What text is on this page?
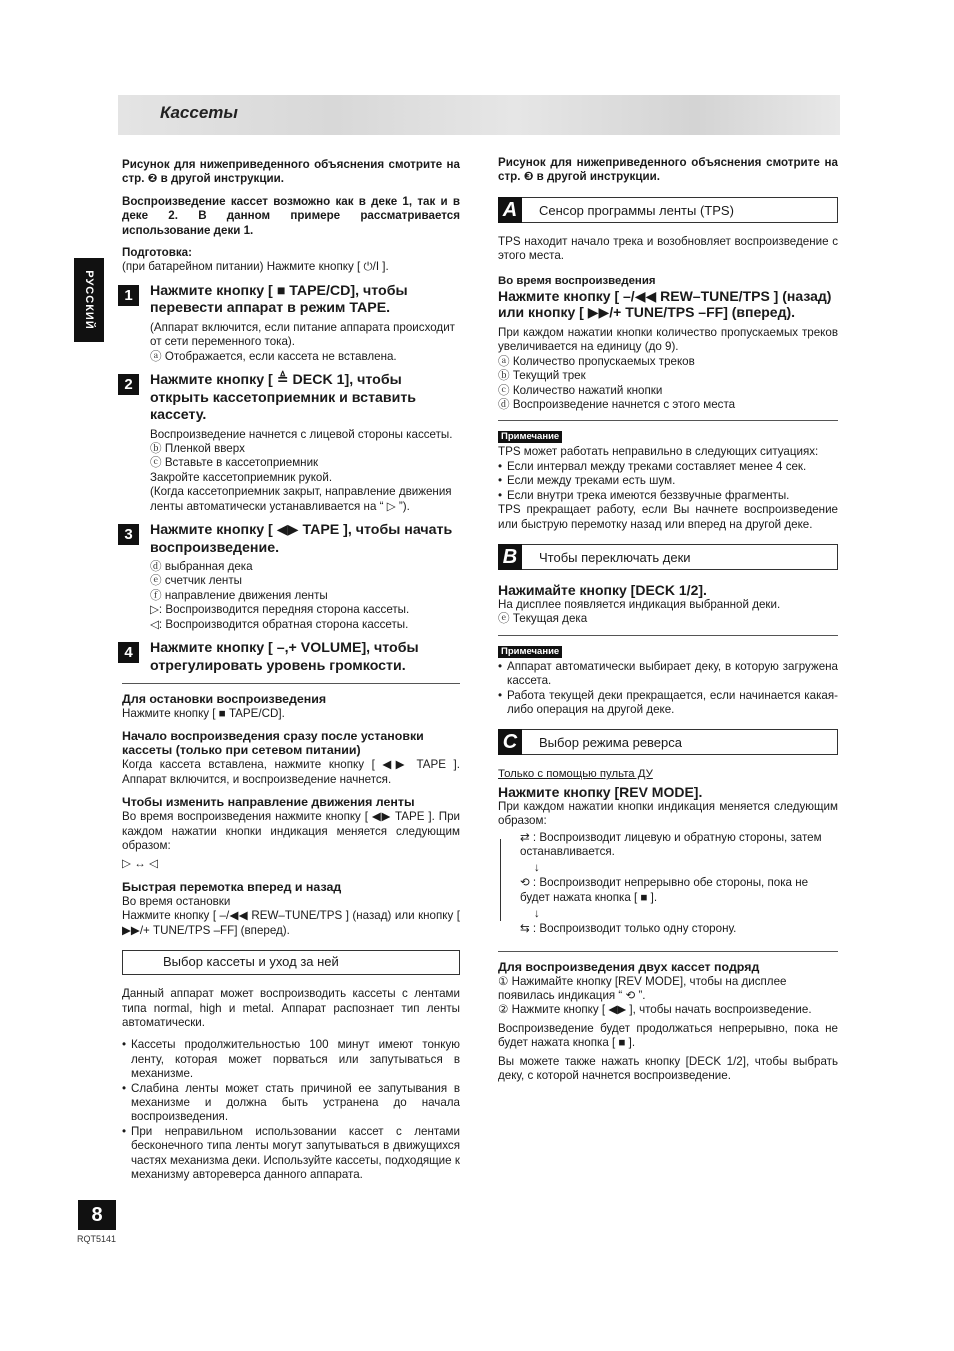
Кассеты
РУССКИЙ
8
RQT5141
Рисунок для нижеприведенного объяснения смотрите на стр. ❷ в другой инструкции.
Воспроизведение кассет возможно как в деке 1, так и в деке 2. В данном примере рассматривается использование деки 1.
Подготовка:
(при батарейном питании) Нажмите кнопку [ ⏻/I ].
1	Нажмите кнопку [ ■ TAPE/CD], чтобы перевести аппарат в режим TAPE.
(Аппарат включится, если питание аппарата происходит от сети переменного тока).
ⓐ Отображается, если кассета не вставлена.
2	Нажмите кнопку [ ≜ DECK 1], чтобы открыть кассетоприемник и вставить кассету.
Воспроизведение начнется с лицевой стороны кассеты.
ⓑ Пленкой вверх
ⓒ Вставьте в кассетоприемник
Закройте кассетоприемник рукой.
(Когда кассетоприемник закрыт, направление движения ленты автоматически устанавливается на “ ▷ ”).
3	Нажмите кнопку [ ◀▶ TAPE ], чтобы начать воспроизведение.
ⓓ выбранная дека
ⓔ счетчик ленты
ⓕ направление движения ленты
▷: Воспроизводится передняя сторона кассеты.
◁: Воспроизводится обратная сторона кассеты.
4	Нажмите кнопку [ –,+ VOLUME], чтобы отрегулировать уровень громкости.
Для остановки воспроизведения
Нажмите кнопку [ ■ TAPE/CD].
Начало воспроизведения сразу после установки кассеты (только при сетевом питании)
Когда кассета вставлена, нажмите кнопку [ ◀▶ TAPE ]. Аппарат включится, и воспроизведение начнется.
Чтобы изменить направление движения ленты
Во время воспроизведения нажмите кнопку [ ◀▶ TAPE ]. При каждом нажатии кнопки индикация меняется следующим образом:
▷ ↔ ◁
Быстрая перемотка вперед и назад
Во время остановки
Нажмите кнопку [ –/◀◀ REW–TUNE/TPS ] (назад) или кнопку [ ▶▶/+ TUNE/TPS –FF] (вперед).
Выбор кассеты и уход за ней
Данный аппарат может воспроизводить кассеты с лентами типа normal, high и metal. Аппарат распознает тип ленты автоматически.
• Кассеты продолжительностью 100 минут имеют тонкую ленту, которая может порваться или запутываться в механизме.
• Слабина ленты может стать причиной ее запутывания в механизме и должна быть устранена до начала воспроизведения.
• При неправильном использовании кассет с лентами бесконечного типа ленты могут запутываться в движущихся частях механизма деки. Используйте кассеты, подходящие к механизму автореверса данного аппарата.
Рисунок для нижеприведенного объяснения смотрите на стр. ❸ в другой инструкции.
A	Сенсор программы ленты (TPS)
TPS находит начало трека и возобновляет воспроизведение с этого места.
Во время воспроизведения
Нажмите кнопку [ –/◀◀ REW–TUNE/TPS ] (назад) или кнопку [ ▶▶/+ TUNE/TPS –FF] (вперед).
При каждом нажатии кнопки количество пропускаемых треков увеличивается на единицу (до 9).
ⓐ Количество пропускаемых треков
ⓑ Текущий трек
ⓒ Количество нажатий кнопки
ⓓ Воспроизведение начнется с этого места
Примечание
TPS может работать неправильно в следующих ситуациях:
• Если интервал между треками составляет менее 4 сек.
• Если между треками есть шум.
• Если внутри трека имеются беззвучные фрагменты.
TPS прекращает работу, если Вы начнете воспроизведение или быструю перемотку назад или вперед на другой деке.
B	Чтобы переключать деки
Нажимайте кнопку [DECK 1/2].
На дисплее появляется индикация выбранной деки.
ⓔ Текущая дека
Примечание
• Аппарат автоматически выбирает деку, в которую загружена кассета.
• Работа текущей деки прекращается, если начинается какая-либо операция на другой деке.
C	Выбор режима реверса
Только с помощью пульта ДУ
Нажмите кнопку [REV MODE].
При каждом нажатии кнопки индикация меняется следующим образом:
⇄ : Воспроизводит лицевую и обратную стороны, затем останавливается.
↓
⟲ : Воспроизводит непрерывно обе стороны, пока не будет нажата кнопка [ ■ ].
↓
⇆ : Воспроизводит только одну сторону.
Для воспроизведения двух кассет подряд
① Нажимайте кнопку [REV MODE], чтобы на дисплее появилась индикация “ ⟲ ”.
② Нажмите кнопку [ ◀▶ ], чтобы начать воспроизведение.
Воспроизведение будет продолжаться непрерывно, пока не будет нажата кнопка [ ■ ].
Вы можете также нажать кнопку [DECK 1/2], чтобы выбрать деку, с которой начнется воспроизведение.
